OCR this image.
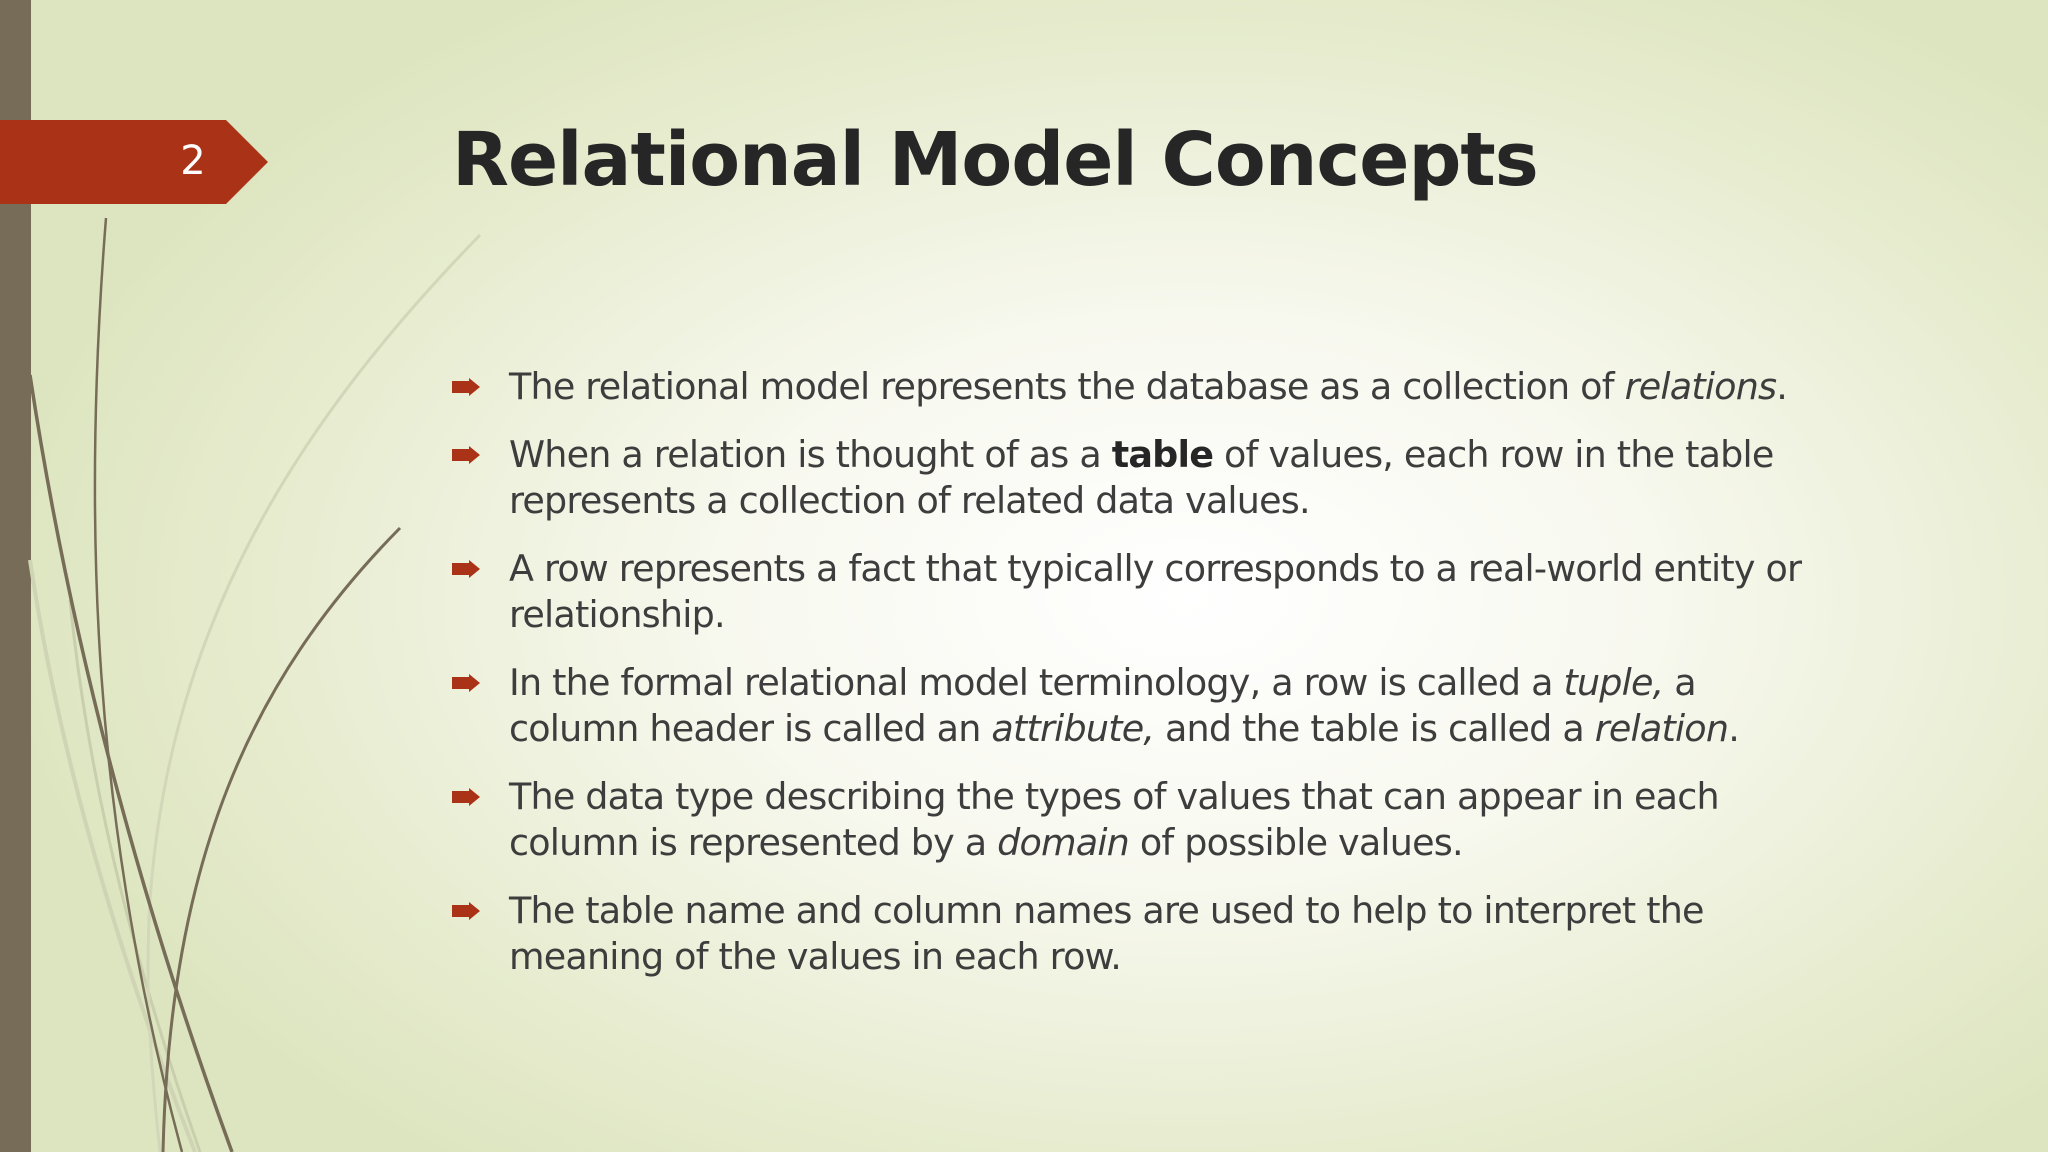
2	Relational Model Concepts
The relational model represents the database as a collection of relations.
When a relation is thought of as a table of values, each row in the table
represents a collection of related data values.
A row represents a fact that typically corresponds to a real-world entity or
relationship.
In the formal relational model terminology, a row is called a tuple, a
column header is called an attribute, and the table is called a relation.
The data type describing the types of values that can appear in each
column is represented by a domain of possible values.
The table name and column names are used to help to interpret the
meaning of the values in each row.
